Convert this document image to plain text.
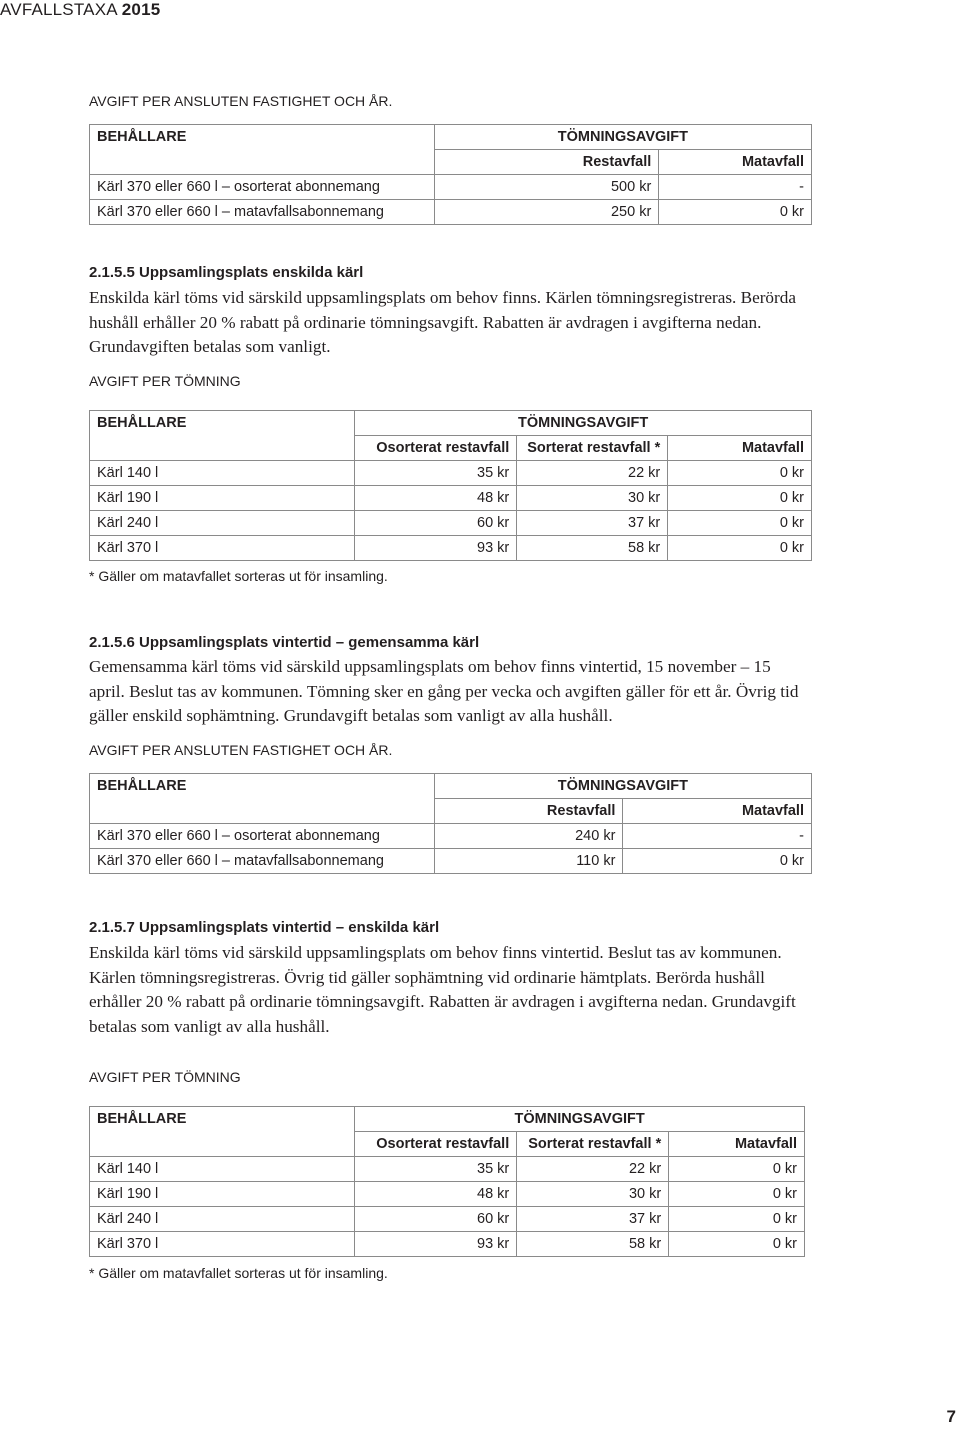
AVFALLSTAXA 2015
AVGIFT PER ANSLUTEN FASTIGHET OCH ÅR.
BEHÅLLARE	TÖMNINGSAVGIFT	
	Restavfall	Matavfall
Kärl 370 eller 660 l – osorterat abonnemang	500 kr	-
Kärl 370 eller 660 l – matavfallsabonnemang	250 kr	0 kr
2.1.5.5 Uppsamlingsplats enskilda kärl
Enskilda kärl töms vid särskild uppsamlingsplats om behov finns. Kärlen tömningsregistreras. Berörda hushåll erhåller 20 % rabatt på ordinarie tömningsavgift. Rabatten är avdragen i avgifterna nedan. Grundavgiften betalas som vanligt.
AVGIFT PER TÖMNING
BEHÅLLARE	TÖMNINGSAVGIFT		
	Osorterat restavfall	Sorterat restavfall *	Matavfall
Kärl 140 l	35 kr	22 kr	0 kr
Kärl 190 l	48 kr	30 kr	0 kr
Kärl 240 l	60 kr	37 kr	0 kr
Kärl 370 l	93 kr	58 kr	0 kr
* Gäller om matavfallet sorteras ut för insamling.
2.1.5.6 Uppsamlingsplats vintertid – gemensamma kärl
Gemensamma kärl töms vid särskild uppsamlingsplats om behov finns vintertid, 15 november – 15 april. Beslut tas av kommunen. Tömning sker en gång per vecka och avgiften gäller för ett år. Övrig tid gäller enskild sophämtning. Grundavgift betalas som vanligt av alla hushåll.
AVGIFT PER ANSLUTEN FASTIGHET OCH ÅR.
BEHÅLLARE	TÖMNINGSAVGIFT	
	Restavfall	Matavfall
Kärl 370 eller 660 l – osorterat abonnemang	240 kr	-
Kärl 370 eller 660 l – matavfallsabonnemang	110 kr	0 kr
2.1.5.7 Uppsamlingsplats vintertid – enskilda kärl
Enskilda kärl töms vid särskild uppsamlingsplats om behov finns vintertid. Beslut tas av kommunen. Kärlen tömningsregistreras. Övrig tid gäller sophämtning vid ordinarie hämtplats. Berörda hushåll erhåller 20 % rabatt på ordinarie tömningsavgift. Rabatten är avdragen i avgifterna nedan. Grundavgift betalas som vanligt av alla hushåll.
AVGIFT PER TÖMNING
BEHÅLLARE	TÖMNINGSAVGIFT		
	Osorterat restavfall	Sorterat restavfall *	Matavfall
Kärl 140 l	35 kr	22 kr	0 kr
Kärl 190 l	48 kr	30 kr	0 kr
Kärl 240 l	60 kr	37 kr	0 kr
Kärl 370 l	93 kr	58 kr	0 kr
* Gäller om matavfallet sorteras ut för insamling.
7
